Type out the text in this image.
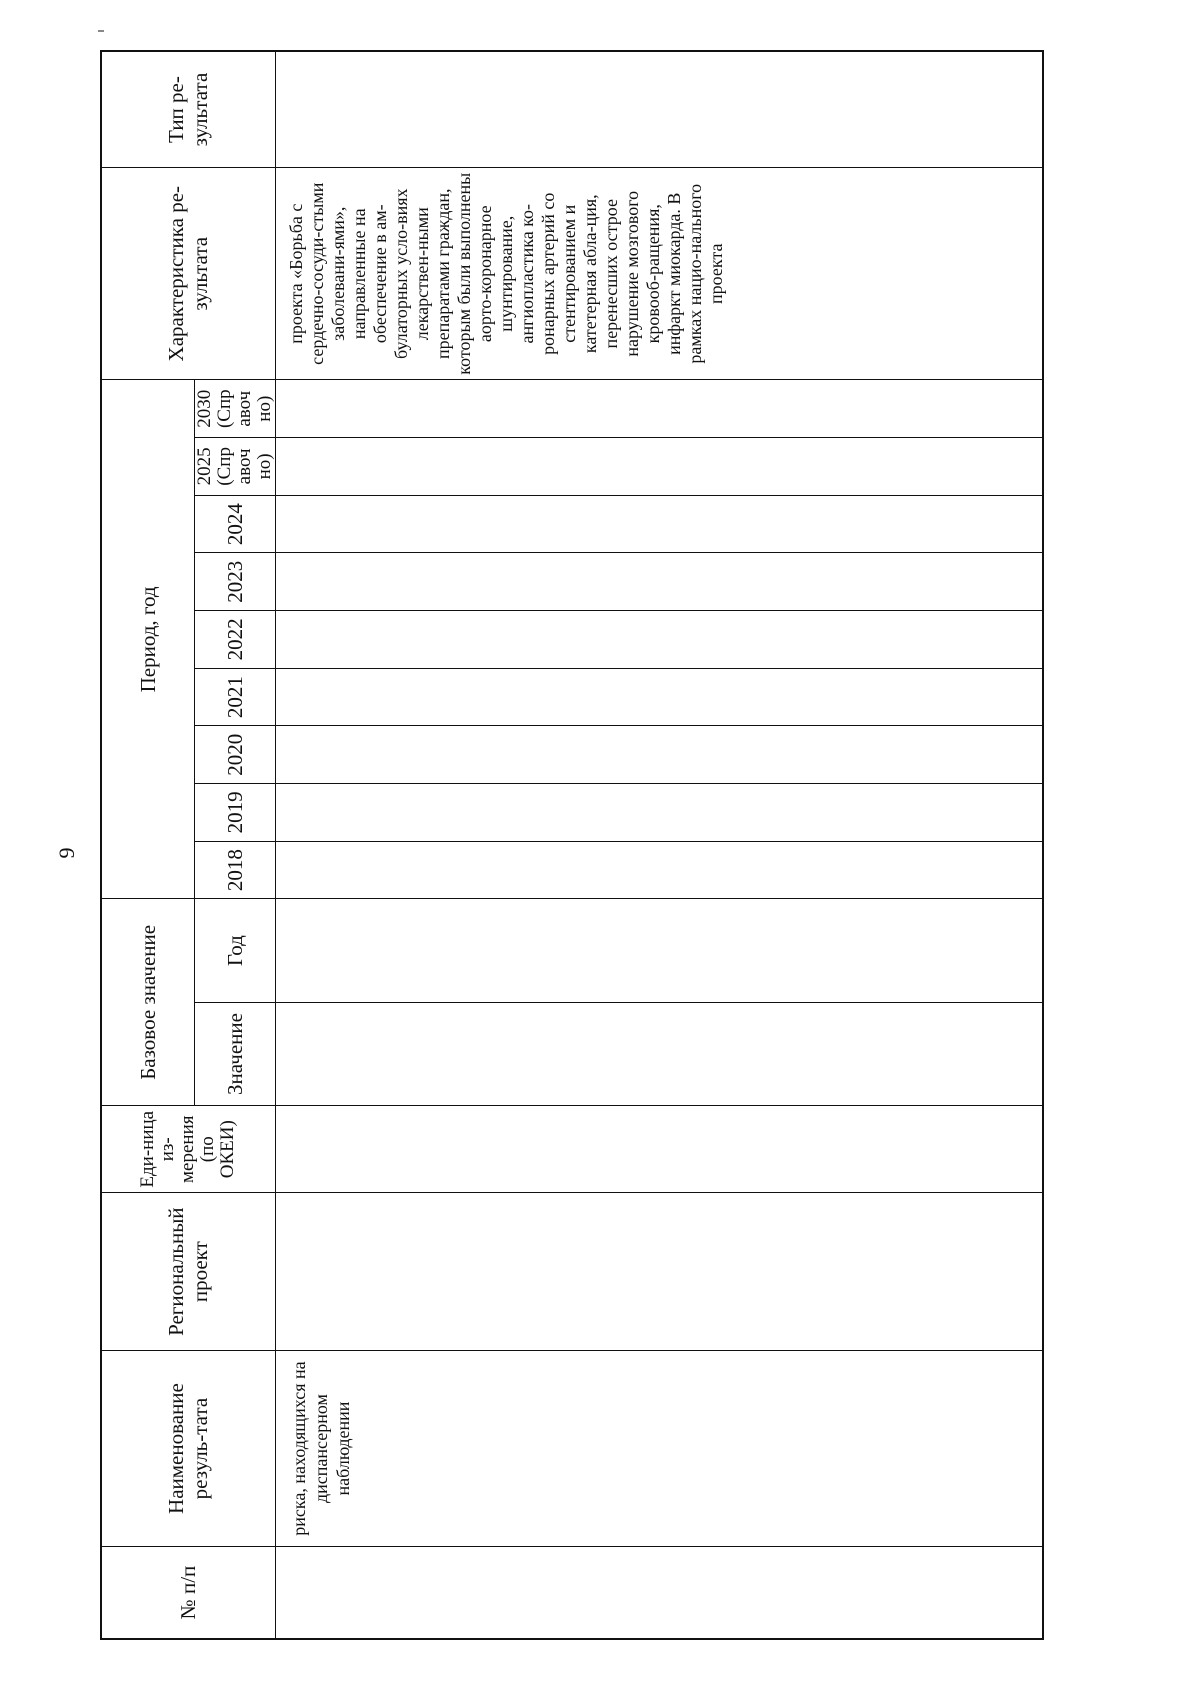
9
№ п/п	Наименование резуль-тата	Региональный проект	Еди-ница из-мерения (по ОКЕИ)	Базовое значение		Период, год									Характеристика ре-зультата	Тип ре-зультата
				Значение	Год	2018	2019	2020	2021	2022	2023	2024	2025 (Спр авоч но)	2030 (Спр авоч но)		
	риска, находящихся на диспансерном наблюдении														проекта «Борьба с сердечно-сосуди-стыми заболевани-ями», направленные на обеспечение в ам-булаторных усло-виях лекарствен-ными препаратами граждан, которым были выполнены аорто-коронарное шунтирование, ангиопластика ко-ронарных артерий со стентированием и катетерная абла-ция, перенесших острое нарушение мозгового кровооб-ращения, инфаркт миокарда. В рамках нацио-нального проекта	
